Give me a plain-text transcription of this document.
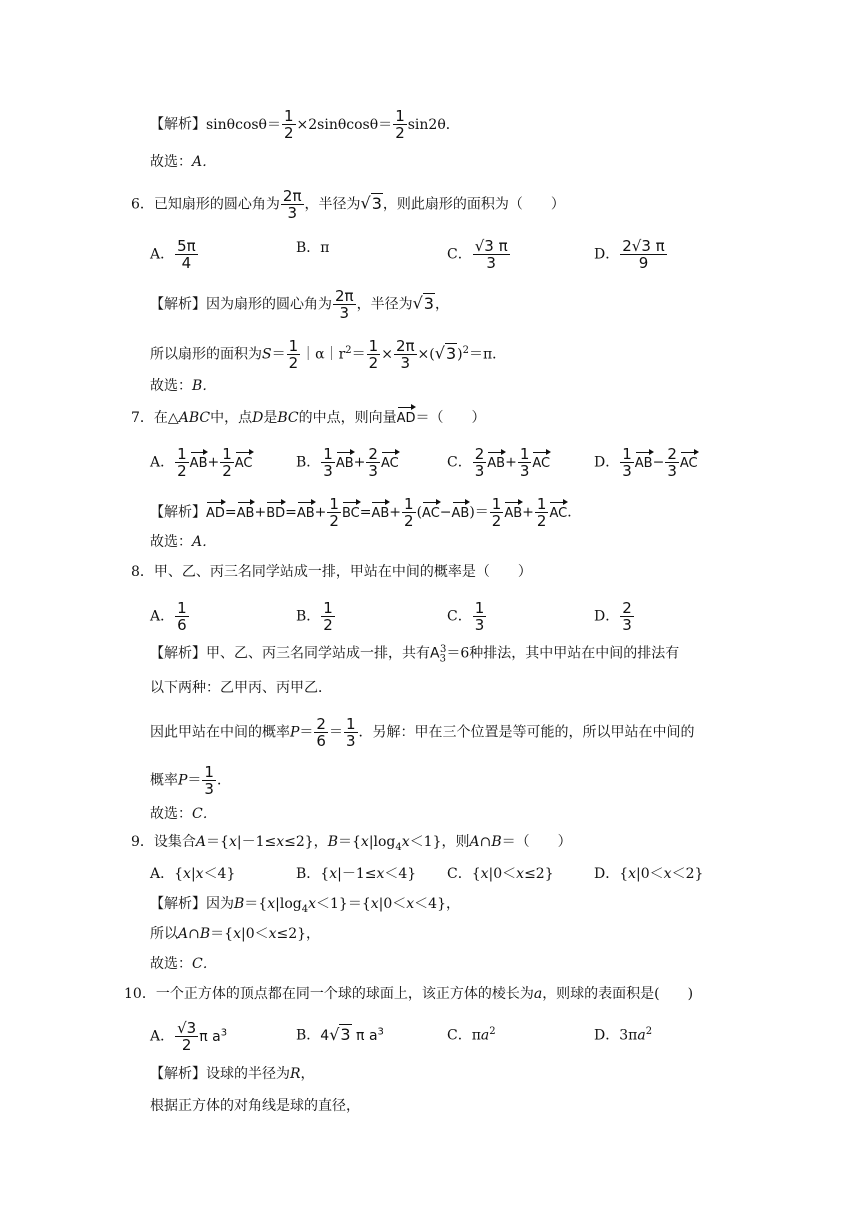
【解析】$\sin\theta\cos\theta= \frac{1}{2} \times 2\sin\theta\cos\theta= \frac{1}{2} \sin 2\theta$．
故选：A．
6．已知扇形的圆心角为 $\frac{2\pi}{3}$ ，半径为√3，则此扇形的面积为（　　）
A． $\frac{5\pi}{4}$	B．π	C． $\frac{√3 \pi}{3}$	D． $\frac{2√3 \pi}{9}$
【解析】因为扇形的圆心角为 $\frac{2\pi}{3}$ ，半径为√3，
所以扇形的面积为$S= \frac{1}{2}$ $|\alpha|r^2= \frac{1}{2} \times \frac{2\pi}{3} \times(√3)^2=\pi$．
故选：B．
7．在△ABC中，点D是BC的中点，则向量AD＝（　　）
A． $\frac{1}{2} AB+ \frac{1}{2}$ AC	B． $\frac{1}{3} AB+ \frac{2}{3}$ AC	C． $\frac{2}{3} AB+ \frac{1}{3}$ AC	D． $\frac{1}{3} AB- \frac{2}{3}$ AC
【解析】$AD=AB+BD=AB+ \frac{1}{2} BC=AB+ \frac{1}{2} (AC-AB)= \frac{1}{2} AB+ \frac{1}{2}$ AC．
故选：A．
8．甲、乙、丙三名同学站成一排，甲站在中间的概率是（　　）
A． $\frac{1}{6}$	B． $\frac{1}{2}$	C． $\frac{1}{3}$	D． $\frac{2}{3}$
【解析】甲、乙、丙三名同学站成一排，共有$A_3^3=6$种排法，其中甲站在中间的排法有
以下两种：乙甲丙、丙甲乙．
因此甲站在中间的概率$P= \frac{2}{6} = \frac{1}{3}$ ．另解：甲在三个位置是等可能的，所以甲站在中间的
概率$P= \frac{1}{3}$ ．
故选：C．
9．设集合A＝{x|－1≤x≤2}，$B=\{x|\log_4x<1\}$，则A∩B＝（　　）
A．{x|x＜4}	B．{x|－1≤x＜4} C．{x|0＜x≤2}	D．{x|0＜x＜2}
【解析】因为$B=\{x|\log_4x<1\}=\{x|0<x<4\}$，
所以A∩B＝{x|0＜x≤2}，
故选：C．
10．一个正方体的顶点都在同一个球的球面上，该正方体的棱长为a，则球的表面积是(　　)
A． $\frac{√3}{2}$ π $a^3$	B．4√3 π $a^3$	C．$\pi a^2$	D．$3\pi a^2$
【解析】设球的半径为R，
根据正方体的对角线是球的直径，
